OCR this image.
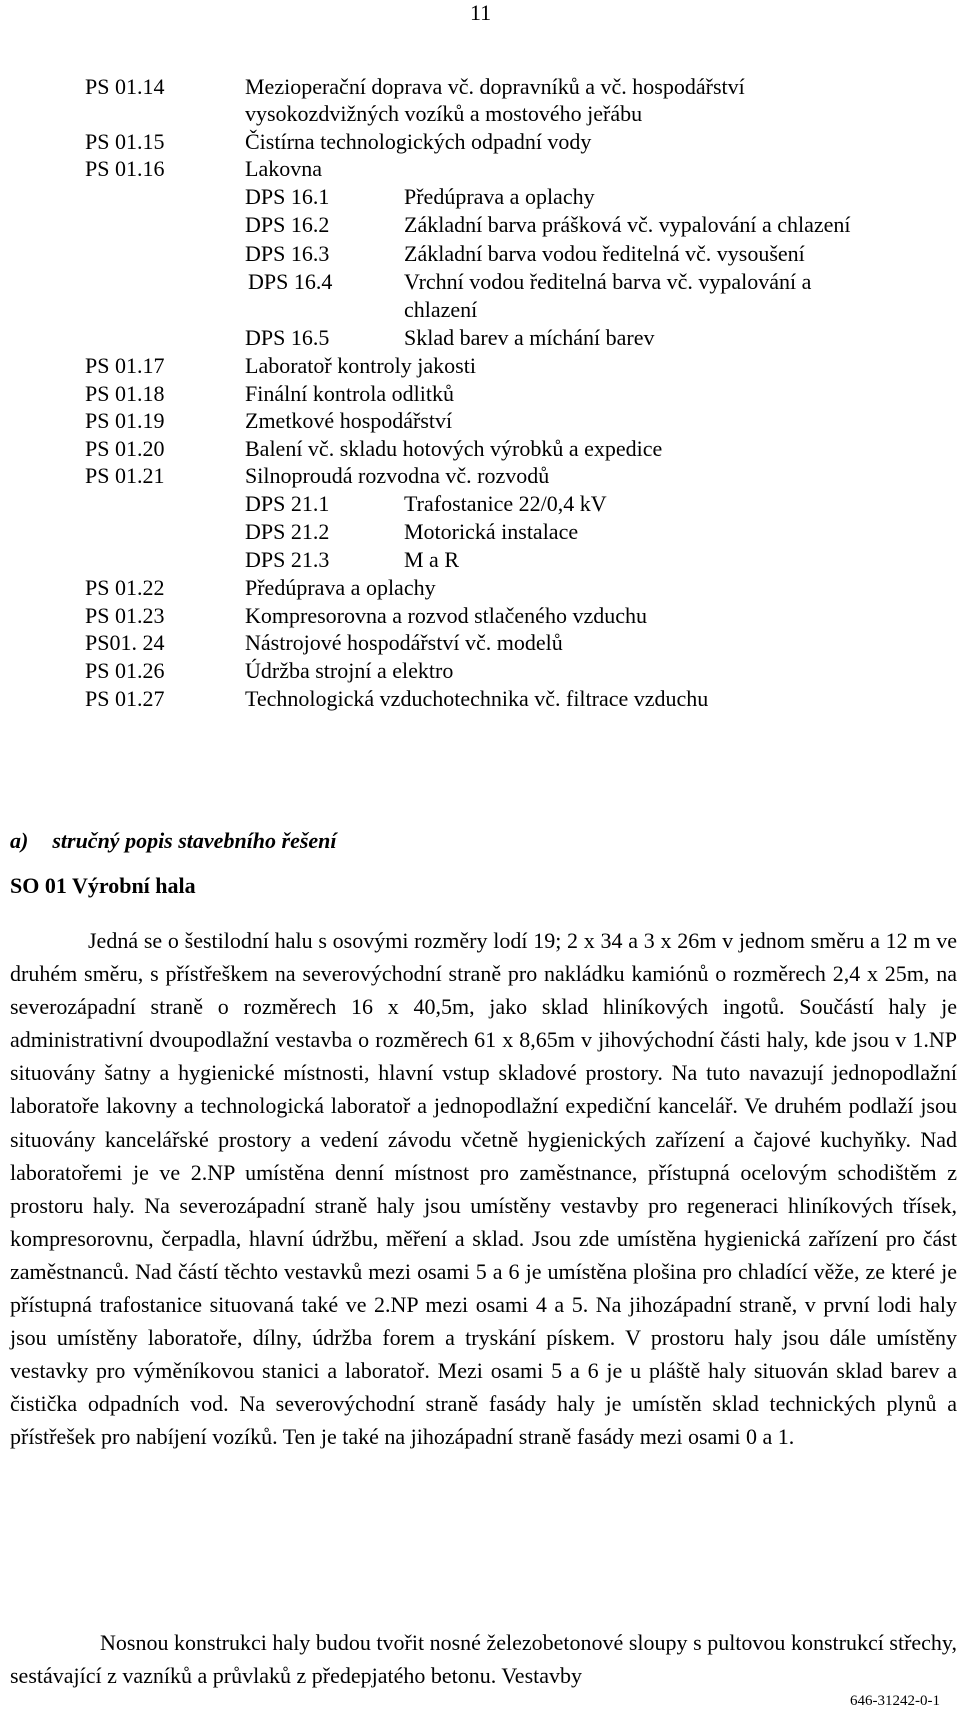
11
PS 01.14	Mezioperační doprava vč. dopravníků a vč. hospodářství
vysokozdvižných vozíků a mostového jeřábu
PS 01.15	Čistírna technologických odpadní vody
PS 01.16	Lakovna
DPS 16.1	Předúprava a oplachy
DPS 16.2	Základní barva prášková vč. vypalování a chlazení
DPS 16.3	Základní barva vodou ředitelná vč. vysoušení
DPS 16.4	Vrchní vodou ředitelná barva vč. vypalování a
chlazení
DPS 16.5	Sklad barev a míchání barev
PS 01.17	Laboratoř kontroly jakosti
PS 01.18	Finální kontrola odlitků
PS 01.19	Zmetkové hospodářství
PS 01.20	Balení vč. skladu hotových výrobků a expedice
PS 01.21	Silnoproudá rozvodna vč. rozvodů
DPS 21.1	Trafostanice 22/0,4 kV
DPS 21.2	Motorická instalace
DPS 21.3	M a R
PS 01.22	Předúprava a oplachy
PS 01.23	Kompresorovna a rozvod stlačeného vzduchu
PS01. 24	Nástrojové hospodářství vč. modelů
PS 01.26	Údržba strojní a elektro
PS 01.27	Technologická vzduchotechnika vč. filtrace vzduchu
a) stručný popis stavebního řešení
SO 01 Výrobní hala

Jedná se o šestilodní halu s osovými rozměry lodí 19; 2 x 34 a 3 x 26m v jednom směru a 12 m ve druhém směru, s přístřeškem na severovýchodní straně pro nakládku kamiónů o rozměrech 2,4 x 25m, na severozápadní straně o rozměrech 16 x 40,5m, jako sklad hliníkových ingotů. Součástí haly je administrativní dvoupodlažní vestavba o rozměrech 61 x 8,65m v jihovýchodní části haly, kde jsou v 1.NP situovány šatny a hygienické místnosti, hlavní vstup skladové prostory. Na tuto navazují jednopodlažní laboratoře lakovny a technologická laboratoř a jednopodlažní expediční kancelář. Ve druhém podlaží jsou situovány kancelářské prostory a vedení závodu včetně hygienických zařízení a čajové kuchyňky. Nad laboratořemi je ve 2.NP umístěna denní místnost pro zaměstnance, přístupná ocelovým schodištěm z prostoru haly. Na severozápadní straně haly jsou umístěny vestavby pro regeneraci hliníkových třísek, kompresorovnu, čerpadla, hlavní údržbu, měření a sklad. Jsou zde umístěna hygienická zařízení pro část zaměstnanců. Nad částí těchto vestavků mezi osami 5 a 6 je umístěna plošina pro chladící věže, ze které je přístupná trafostanice situovaná také ve 2.NP mezi osami 4 a 5. Na jihozápadní straně, v první lodi haly jsou umístěny laboratoře, dílny, údržba forem a tryskání pískem. V prostoru haly jsou dále umístěny vestavky pro výměníkovou stanici a laboratoř. Mezi osami 5 a 6 je u pláště haly situován sklad barev a čistička odpadních vod. Na severovýchodní straně fasády haly je umístěn sklad technických plynů a přístřešek pro nabíjení vozíků. Ten je také na jihozápadní straně fasády mezi osami 0 a 1.

Nosnou konstrukci haly budou tvořit nosné železobetonové sloupy s pultovou konstrukcí střechy, sestávající z vazníků a průvlaků z předepjatého betonu. Vestavby

646-31242-0-1
